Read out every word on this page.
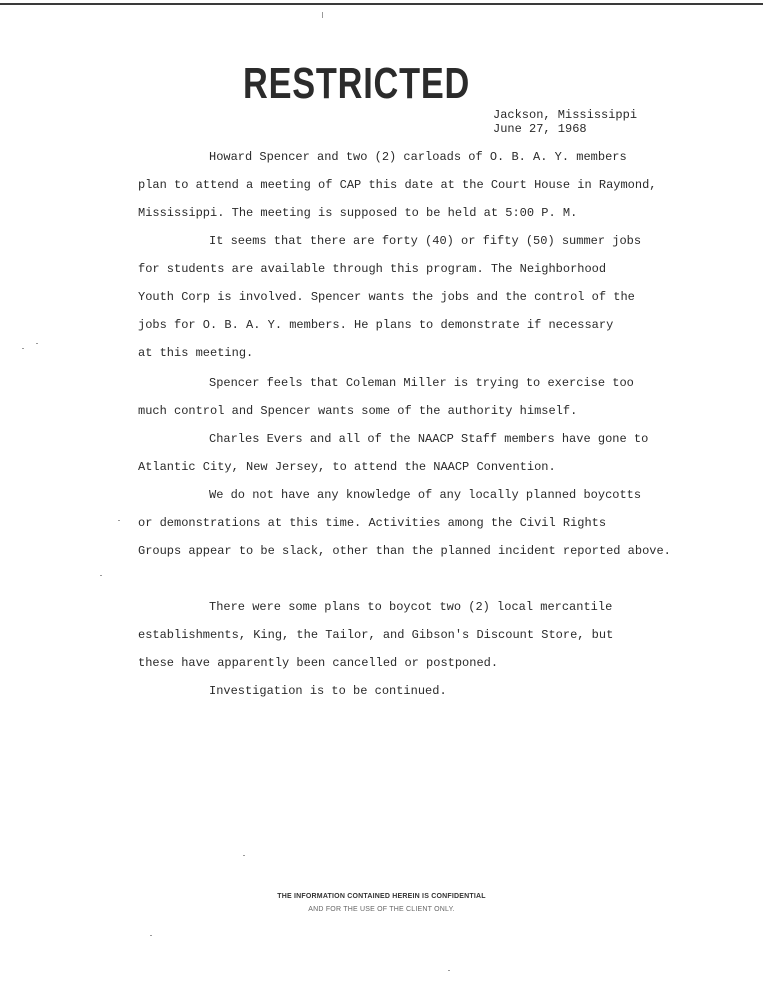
RESTRICTED
Jackson, Mississippi
June 27, 1968
Howard Spencer and two (2) carloads of O. B. A. Y. members
plan to attend a meeting of CAP this date at the Court House in Raymond,
Mississippi. The meeting is supposed to be held at 5:00 P. M.
It seems that there are forty (40) or fifty (50) summer jobs
for students are available through this program. The Neighborhood
Youth Corp is involved. Spencer wants the jobs and the control of the
jobs for O. B. A. Y. members. He plans to demonstrate if necessary
at this meeting.
Spencer feels that Coleman Miller is trying to exercise too
much control and Spencer wants some of the authority himself.
Charles Evers and all of the NAACP Staff members have gone to
Atlantic City, New Jersey, to attend the NAACP Convention.
We do not have any knowledge of any locally planned boycotts
or demonstrations at this time. Activities among the Civil Rights
Groups appear to be slack, other than the planned incident reported above.
There were some plans to boycot two (2) local mercantile
establishments, King, the Tailor, and Gibson's Discount Store, but
these have apparently been cancelled or postponed.
Investigation is to be continued.
THE INFORMATION CONTAINED HEREIN IS CONFIDENTIAL
AND FOR THE USE OF THE CLIENT ONLY.
